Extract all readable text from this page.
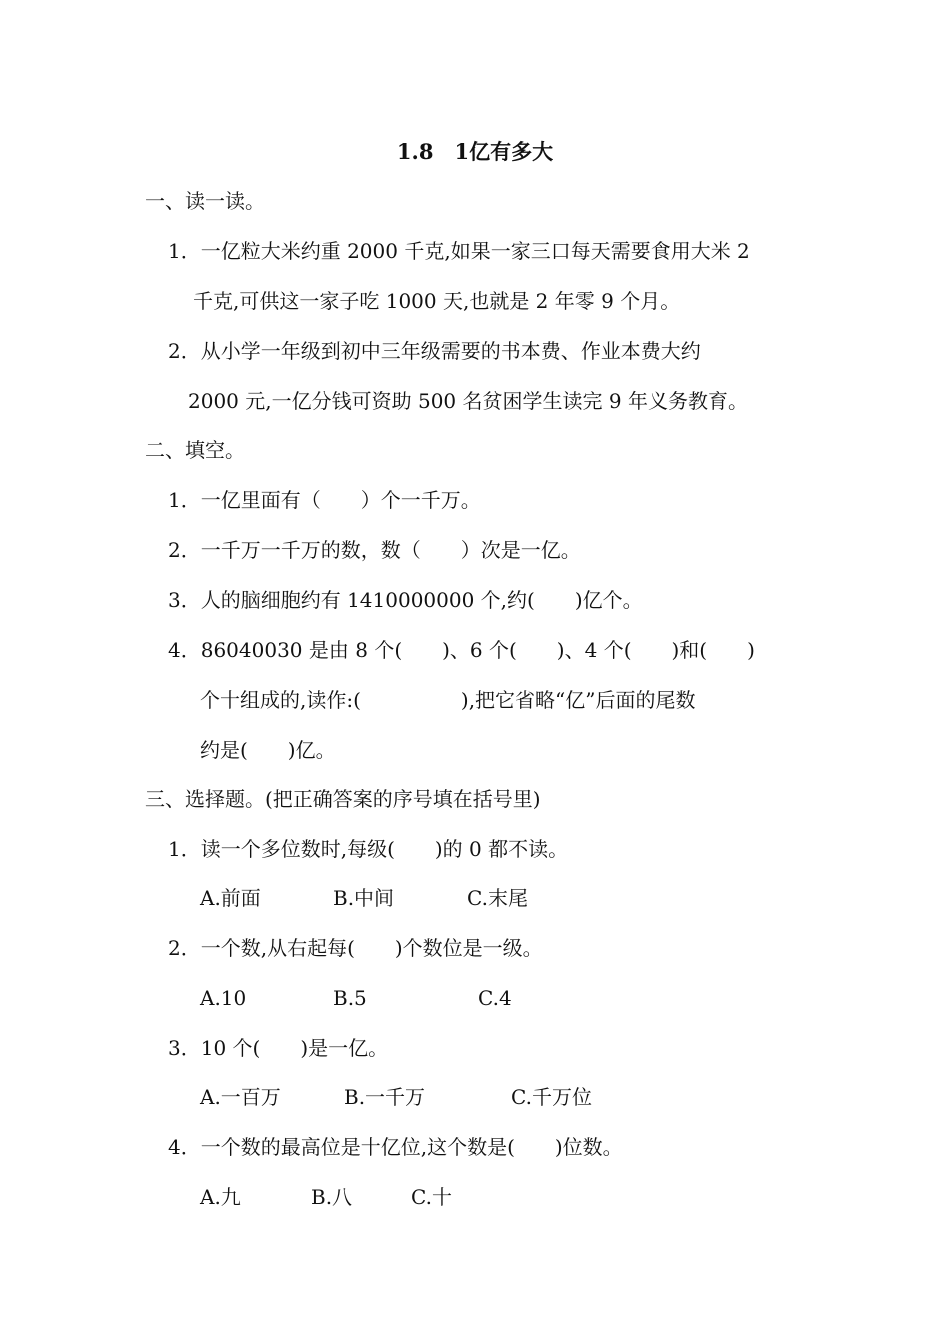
1.8　1亿有多大
一、读一读。
1．一亿粒大米约重 2000 千克,如果一家三口每天需要食用大米 2
千克,可供这一家子吃 1000 天,也就是 2 年零 9 个月。
2．从小学一年级到初中三年级需要的书本费、作业本费大约
2000 元,一亿分钱可资助 500 名贫困学生读完 9 年义务教育。
二、填空。
1．一亿里面有（　　）个一千万。
2．一千万一千万的数，数（　　）次是一亿。
3．人的脑细胞约有 1410000000 个,约(　　)亿个。
4．86040030 是由 8 个(　　)、6 个(　　)、4 个(　　)和(　　)
个十组成的,读作:(　　　　　),把它省略“亿”后面的尾数
约是(　　)亿。
三、选择题。(把正确答案的序号填在括号里)
1．读一个多位数时,每级(　　)的 0 都不读。
A.前面	B.中间	C.末尾
2．一个数,从右起每(　　)个数位是一级。
A.10	B.5	C.4
3．10 个(　　)是一亿。
A.一百万	B.一千万	C.千万位
4．一个数的最高位是十亿位,这个数是(　　)位数。
A.九	B.八	C.十
